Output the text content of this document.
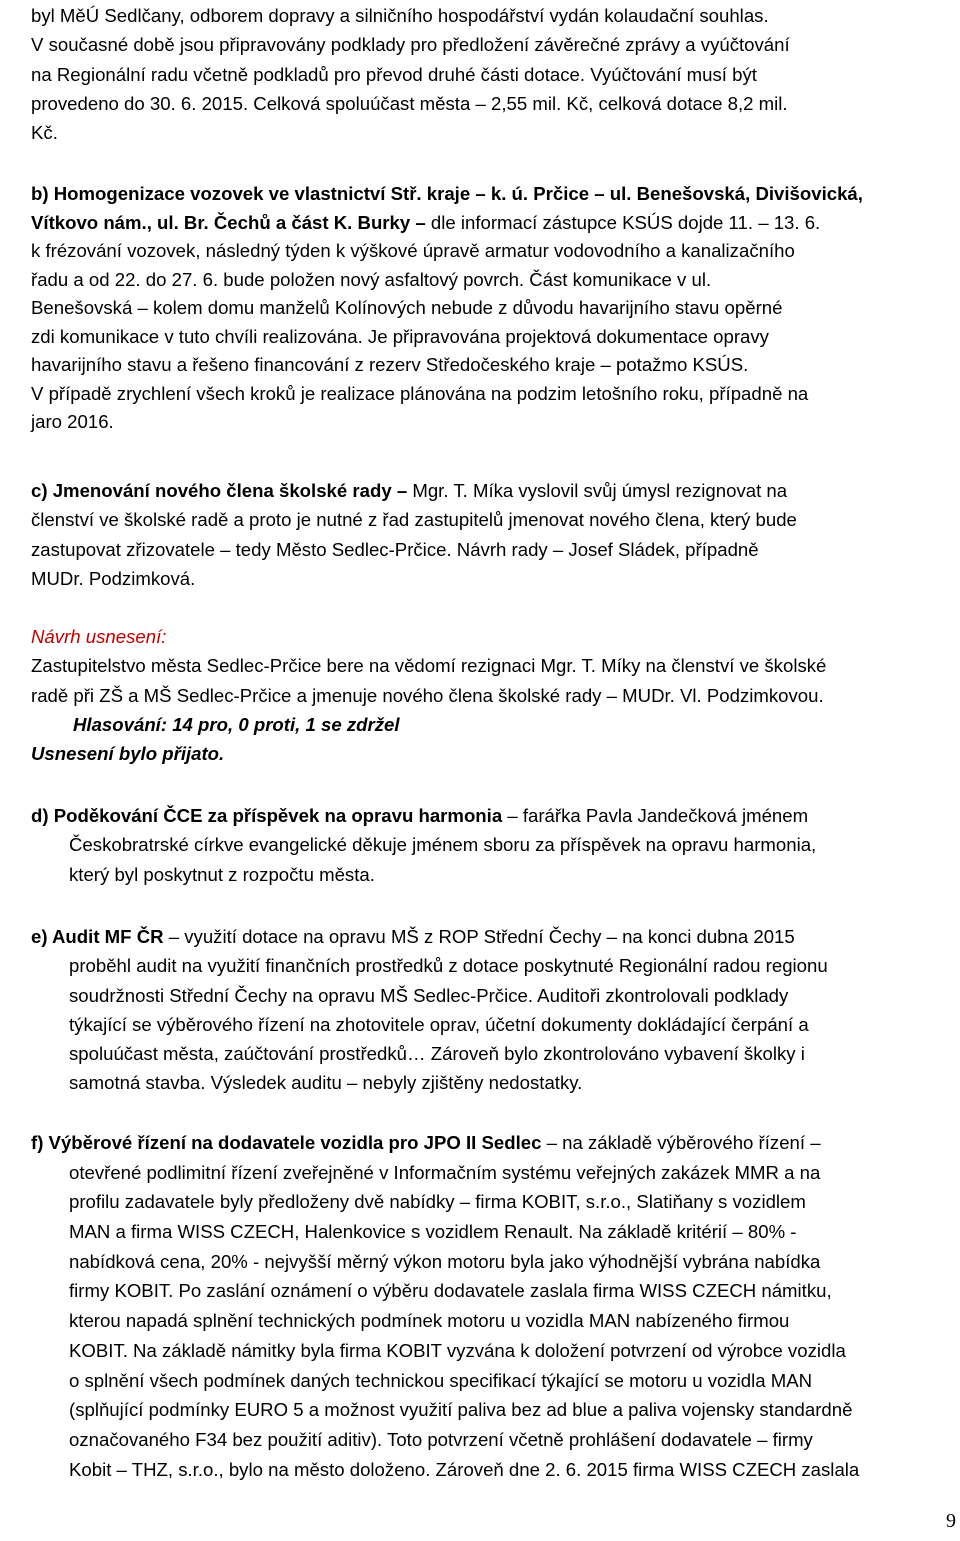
byl MěÚ Sedlčany, odborem dopravy a silničního hospodářství vydán kolaudační souhlas.
V současné době jsou připravovány podklady pro předložení závěrečné zprávy a vyúčtování
na Regionální radu včetně podkladů pro převod druhé části dotace. Vyúčtování musí být
provedeno do 30. 6. 2015. Celková spoluúčast města – 2,55 mil. Kč, celková dotace 8,2 mil.
Kč.
b) Homogenizace vozovek ve vlastnictví Stř. kraje – k. ú. Prčice – ul. Benešovská, Divišovická,
Vítkovo nám., ul. Br. Čechů a část K. Burky – dle informací zástupce KSÚS dojde 11. – 13. 6.
k frézování vozovek, následný týden k výškové úpravě armatur vodovodního a kanalizačního
řadu a od 22. do 27. 6. bude položen nový asfaltový povrch. Část komunikace v ul.
Benešovská – kolem domu manželů Kolínových nebude z důvodu havarijního stavu opěrné
zdi komunikace v tuto chvíli realizována. Je připravována projektová dokumentace opravy
havarijního stavu a řešeno financování z rezerv Středočeského kraje – potažmo KSÚS.
V případě zrychlení všech kroků je realizace plánována na podzim letošního roku, případně na
jaro 2016.
c) Jmenování nového člena školské rady – Mgr. T. Míka vyslovil svůj úmysl rezignovat na
členství ve školské radě a proto je nutné z řad zastupitelů jmenovat nového člena, který bude
zastupovat zřizovatele – tedy Město Sedlec-Prčice. Návrh rady – Josef Sládek, případně
MUDr. Podzimková.
Návrh usnesení:
Zastupitelstvo města Sedlec-Prčice bere na vědomí rezignaci Mgr. T. Míky na členství ve školské
radě při ZŠ a MŠ Sedlec-Prčice a jmenuje nového člena školské rady – MUDr. Vl. Podzimkovou.
Hlasování: 14 pro, 0 proti, 1 se zdržel
Usnesení bylo přijato.
d) Poděkování ČCE za příspěvek na opravu harmonia – farářka Pavla Jandečková jménem
Českobratrské církve evangelické děkuje jménem sboru za příspěvek na opravu harmonia,
který byl poskytnut z rozpočtu města.
e) Audit MF ČR – využití dotace na opravu MŠ z ROP Střední Čechy – na konci dubna 2015
proběhl audit na využití finančních prostředků z dotace poskytnuté Regionální radou regionu
soudržnosti Střední Čechy na opravu MŠ Sedlec-Prčice. Auditoři zkontrolovali podklady
týkající se výběrového řízení na zhotovitele oprav, účetní dokumenty dokládající čerpání a
spoluúčast města, zaúčtování prostředků… Zároveň bylo zkontrolováno vybavení školky i
samotná stavba. Výsledek auditu – nebyly zjištěny nedostatky.
f) Výběrové řízení na dodavatele vozidla pro JPO II Sedlec – na základě výběrového řízení –
otevřené podlimitní řízení zveřejněné v Informačním systému veřejných zakázek MMR a na
profilu zadavatele byly předloženy dvě nabídky – firma KOBIT, s.r.o., Slatiňany s vozidlem
MAN a firma WISS CZECH, Halenkovice s vozidlem Renault. Na základě kritérií – 80% -
nabídková cena, 20% - nejvyšší měrný výkon motoru byla jako výhodnější vybrána nabídka
firmy KOBIT. Po zaslání oznámení o výběru dodavatele zaslala firma WISS CZECH námitku,
kterou napadá splnění technických podmínek motoru u vozidla MAN nabízeného firmou
KOBIT. Na základě námitky byla firma KOBIT vyzvána k doložení potvrzení od výrobce vozidla
o splnění všech podmínek daných technickou specifikací týkající se motoru u vozidla MAN
(splňující podmínky EURO 5 a možnost využití paliva bez ad blue a paliva vojensky standardně
označovaného F34 bez použití aditiv). Toto potvrzení včetně prohlášení dodavatele – firmy
Kobit – THZ, s.r.o., bylo na město doloženo. Zároveň dne 2. 6. 2015 firma WISS CZECH zaslala
9
